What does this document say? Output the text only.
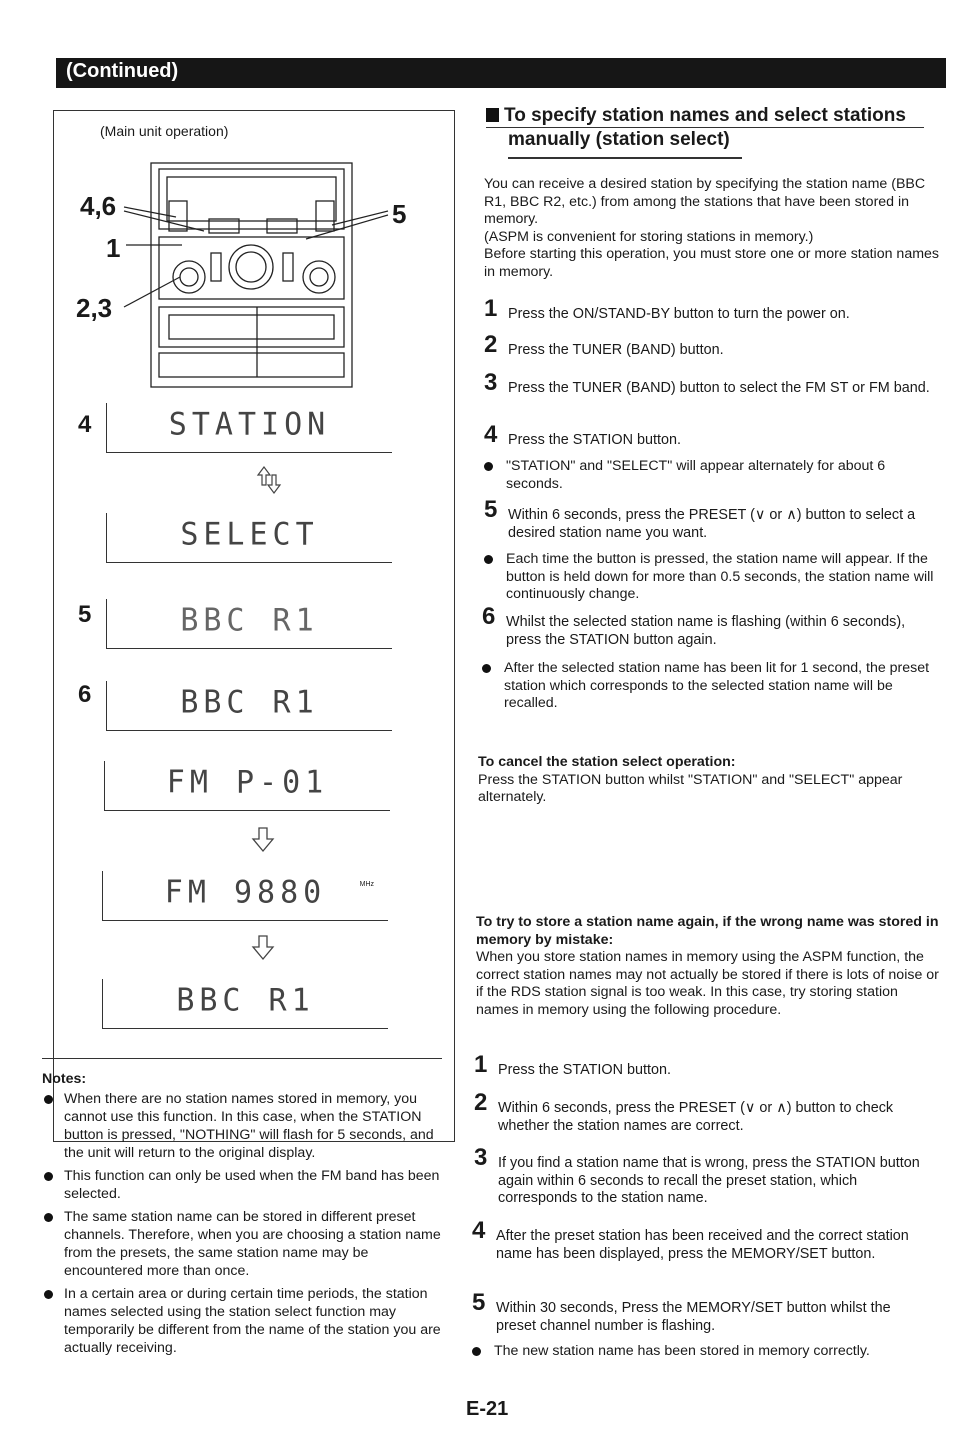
(Continued)
(Main unit operation)
4,6
1
2,3
5
4	STATION
SELECT
5	BBC R1
6	BBC R1
FM P-01
FM 9880	MHz
BBC R1
Notes:
When there are no station names stored in memory, you cannot use this function. In this case, when the STATION button is pressed, "NOTHING" will flash for 5 seconds, and the unit will return to the original display.
This function can only be used when the FM band has been selected.
The same station name can be stored in different preset channels. Therefore, when you are choosing a station name from the presets, the same station name may be encountered more than once.
In a certain area or during certain time periods, the station names selected using the station select function may temporarily be different from the name of the station you are actually receiving.
To specify station names and select stations
manually (station select)
You can receive a desired station by specifying the station name (BBC R1, BBC R2, etc.) from among the stations that have been stored in memory.
(ASPM is convenient for storing stations in memory.)
Before starting this operation, you must store one or more station names in memory.
1 Press the ON/STAND-BY button to turn the power on.
2 Press the TUNER (BAND) button.
3 Press the TUNER (BAND) button to select the FM ST or FM band.
4 Press the STATION button.
"STATION" and "SELECT" will appear alternately for about 6 seconds.
5 Within 6 seconds, press the PRESET (∨ or ∧) button to select a desired station name you want.
Each time the button is pressed, the station name will appear. If the button is held down for more than 0.5 seconds, the station name will continuously change.
6 Whilst the selected station name is flashing (within 6 seconds), press the STATION button again.
After the selected station name has been lit for 1 second, the preset station which corresponds to the selected station name will be recalled.
To cancel the station select operation:
Press the STATION button whilst "STATION" and "SELECT" appear alternately.
To try to store a station name again, if the wrong name was stored in memory by mistake:
When you store station names in memory using the ASPM function, the correct station names may not actually be stored if there is lots of noise or if the RDS station signal is too weak. In this case, try storing station names in memory using the following procedure.
1 Press the STATION button.
2 Within 6 seconds, press the PRESET (∨ or ∧) button to check whether the station names are correct.
3 If you find a station name that is wrong, press the STATION button again within 6 seconds to recall the preset station, which corresponds to the station name.
4 After the preset station has been received and the correct station name has been displayed, press the MEMORY/SET button.
5 Within 30 seconds, Press the MEMORY/SET button whilst the preset channel number is flashing.
The new station name has been stored in memory correctly.
E-21
